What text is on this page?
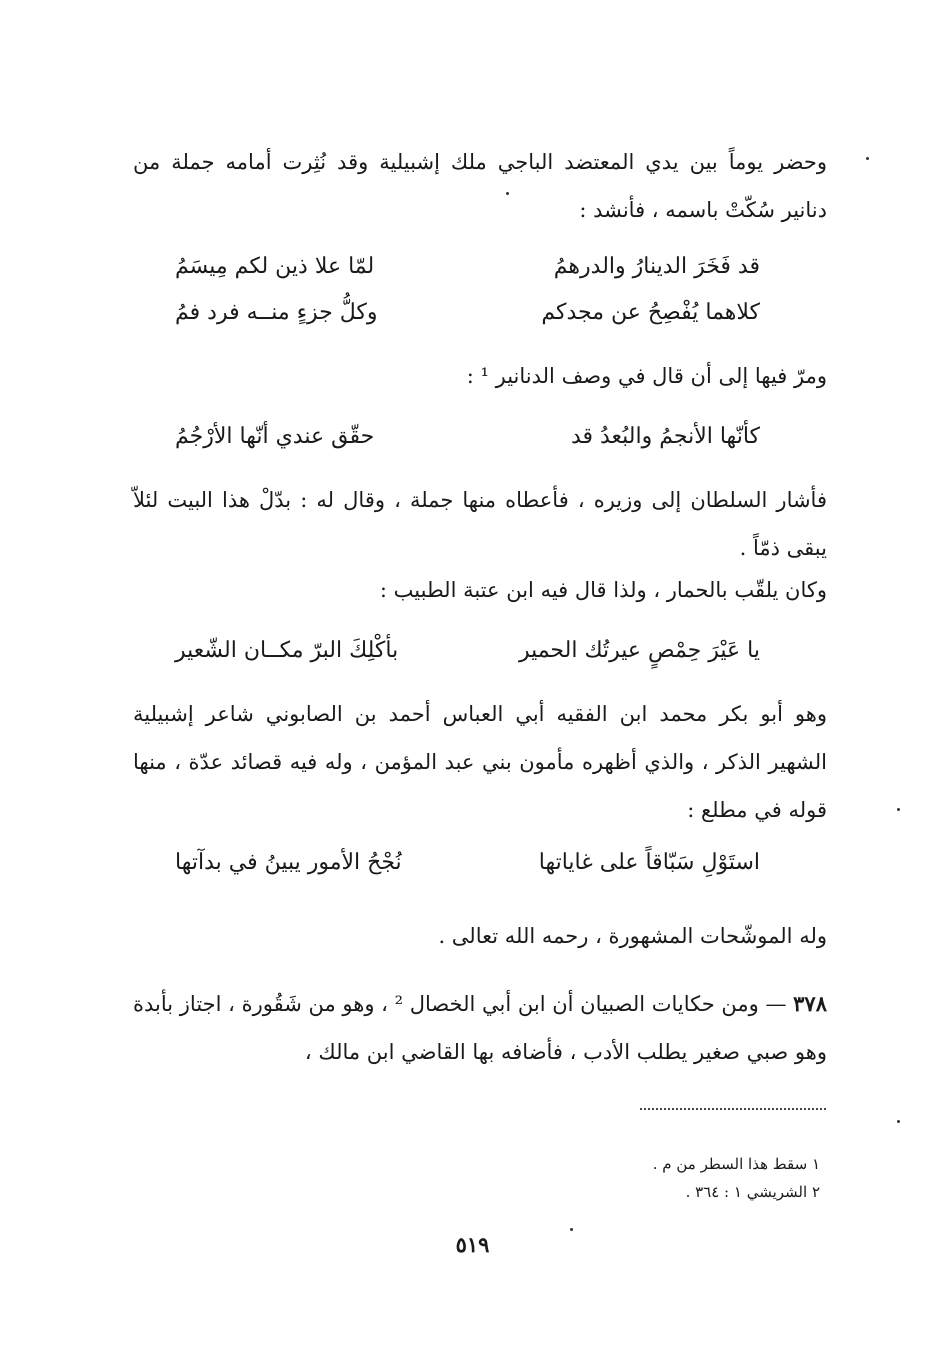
وحضر يوماً بين يدي المعتضد الباجي ملك إشبيلية وقد نُثِرت أمامه جملة من دنانير سُكّتْ باسمه ، فأنشد :

قد فَخَرَ الدينارُ والدرهمُ
لمّا علا ذين لكم مِيسَمُ
كلاهما يُفْصِحُ عن مجدكم
وكلُّ جزءٍ منــه فرد فمُ

ومرّ فيها إلى أن قال في وصف الدنانير ¹ :

كأنّها الأنجمُ والبُعدُ قد
حقّق عندي أنّها الأرْجُمُ

فأشار السلطان إلى وزيره ، فأعطاه منها جملة ، وقال له : بدّلْ هذا البيت لئلاّ يبقى ذمّاً .

وكان يلقّب بالحمار ، ولذا قال فيه ابن عتبة الطبيب :

يا عَيْرَ حِمْصٍ عيرتُك الحمير
بأكْلِكَ البرّ مكــان الشّعير

وهو أبو بكر محمد ابن الفقيه أبي العباس أحمد بن الصابوني شاعر إشبيلية الشهير الذكر ، والذي أظهره مأمون بني عبد المؤمن ، وله فيه قصائد عدّة ، منها قوله في مطلع :

استَوْلِ سَبّاقاً على غاياتها
نُجْحُ الأمور يبينُ في بدآتها

وله الموشّحات المشهورة ، رحمه الله تعالى .

٣٧٨ — ومن حكايات الصبيان أن ابن أبي الخصال ² ، وهو من شَقُورة ، اجتاز بأبدة وهو صبي صغير يطلب الأدب ، فأضافه بها القاضي ابن مالك ،

١ سقط هذا السطر من م .
٢ الشريشي ١ : ٣٦٤ .
٥١٩
